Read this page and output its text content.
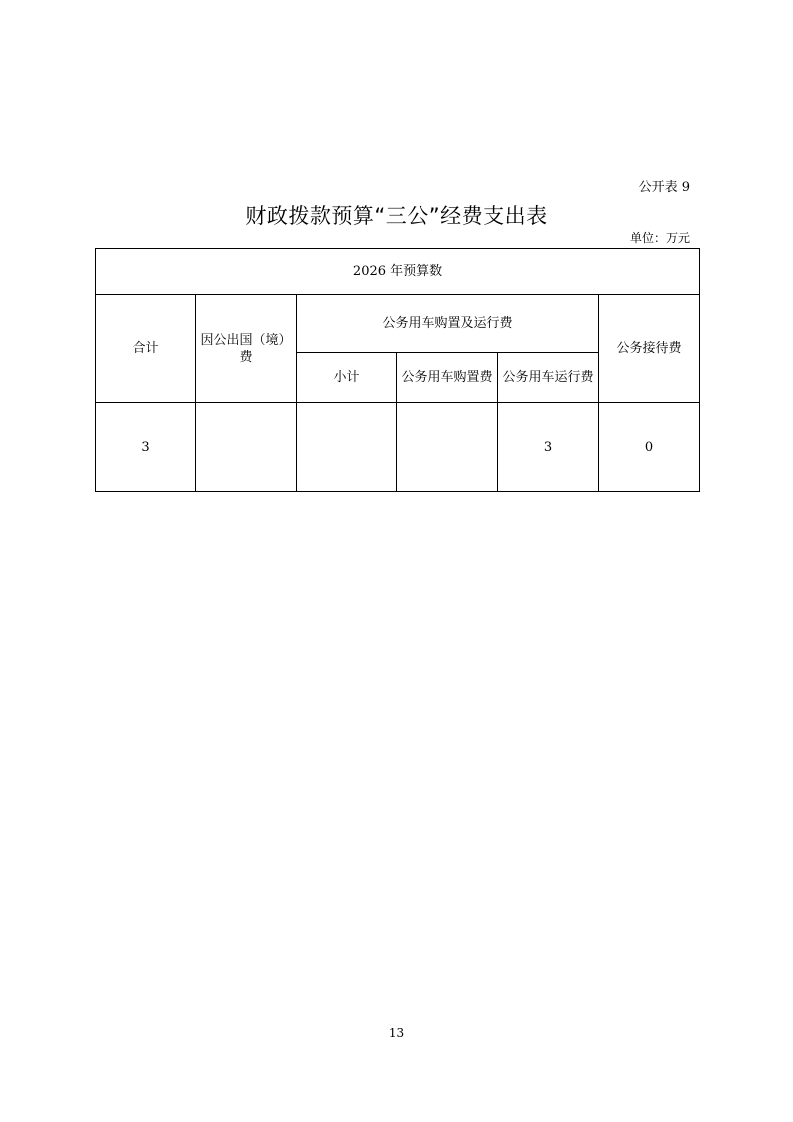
公开表 9
财政拨款预算“三公”经费支出表
单位：万元
2026 年预算数					
合计	因公出国（境）费	公务用车购置及运行费			公务接待费
		小计	公务用车购置费	公务用车运行费	
3				3	0
13
